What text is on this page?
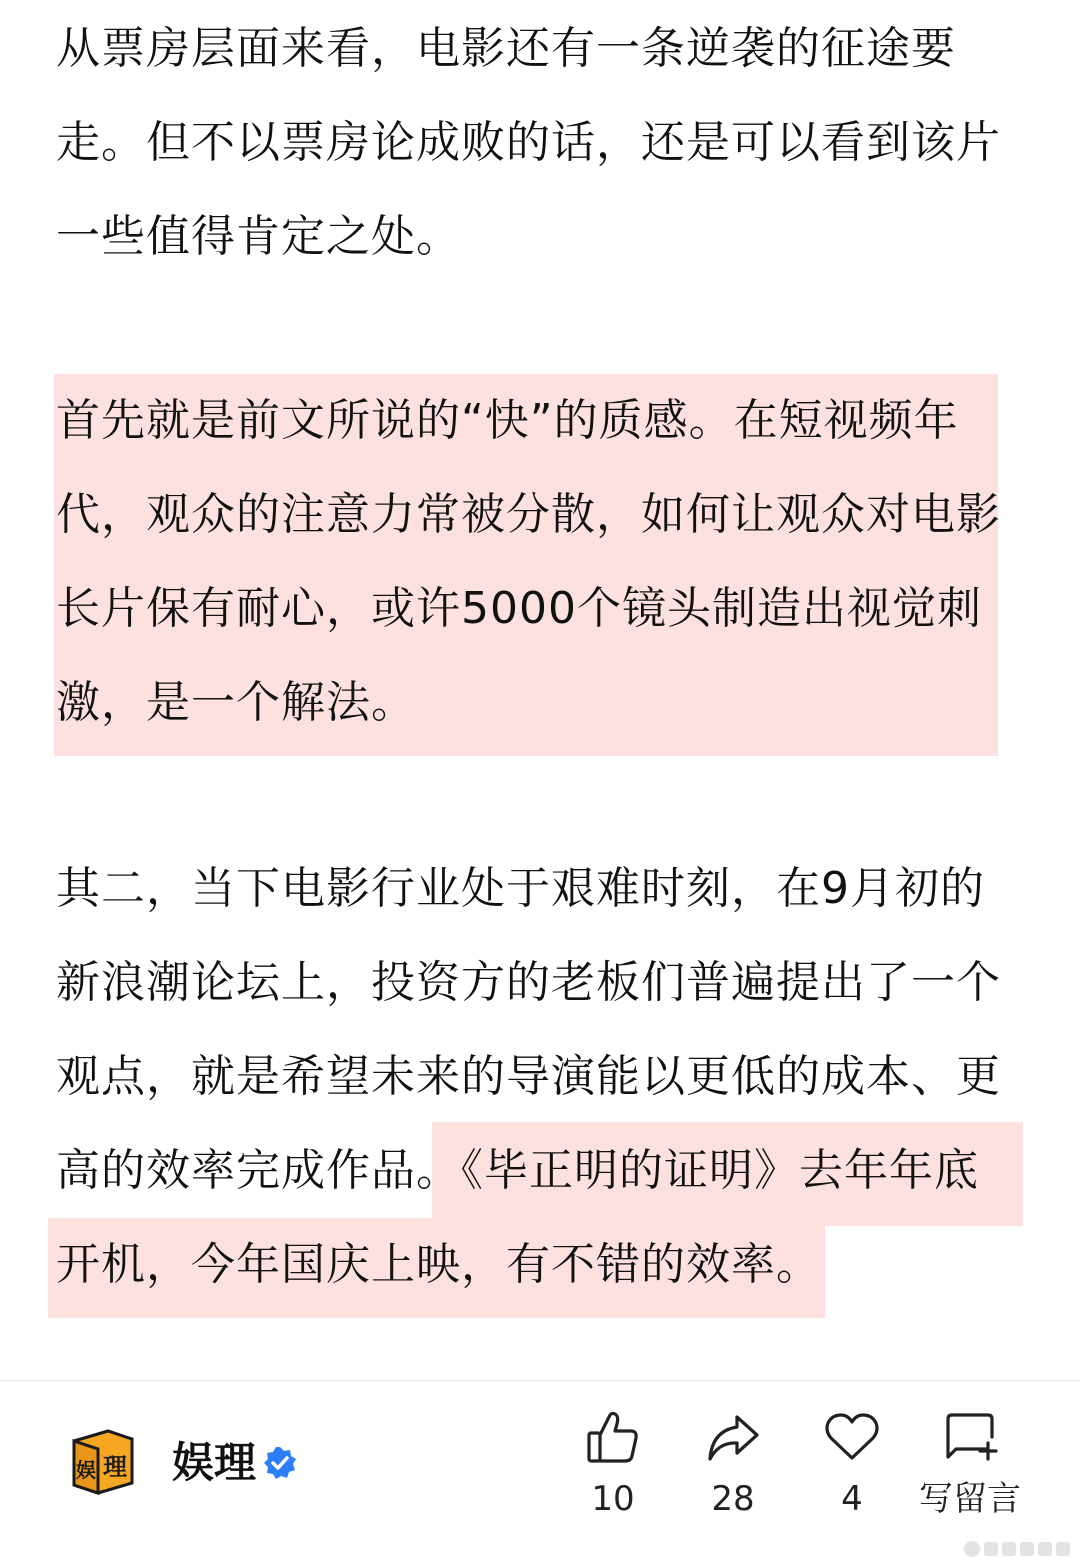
从票房层面来看，电影还有一条逆袭的征途要
走。但不以票房论成败的话，还是可以看到该片
一些值得肯定之处。
首先就是前文所说的“快”的质感。在短视频年
代，观众的注意力常被分散，如何让观众对电影
长片保有耐心，或许5000个镜头制造出视觉刺
激，是一个解法。
其二，当下电影行业处于艰难时刻，在9月初的
新浪潮论坛上，投资方的老板们普遍提出了一个
观点，就是希望未来的导演能以更低的成本、更
高的效率完成作品。《毕正明的证明》去年年底
开机，今年国庆上映，有不错的效率。
娱 理 娱理
10	28	4	写留言
